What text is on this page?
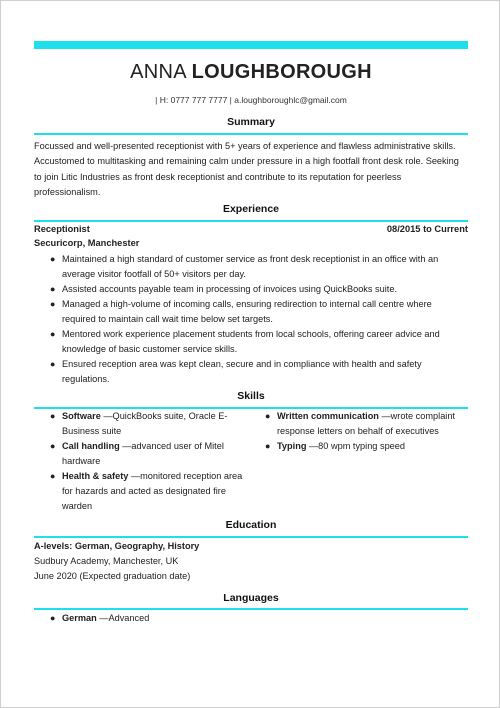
ANNA LOUGHBOROUGH
| H: 0777 777 7777 | a.loughboroughlc@gmail.com
Summary
Focussed and well-presented receptionist with 5+ years of experience and flawless administrative skills. Accustomed to multitasking and remaining calm under pressure in a high footfall front desk role. Seeking to join Litic Industries as front desk receptionist and contribute to its reputation for peerless professionalism.
Experience
Receptionist	08/2015 to Current
Securicorp, Manchester
● Maintained a high standard of customer service as front desk receptionist in an office with an average visitor footfall of 50+ visitors per day.
● Assisted accounts payable team in processing of invoices using QuickBooks suite.
● Managed a high-volume of incoming calls, ensuring redirection to internal call centre where required to maintain call wait time below set targets.
● Mentored work experience placement students from local schools, offering career advice and knowledge of basic customer service skills.
● Ensured reception area was kept clean, secure and in compliance with health and safety regulations.
Skills
● Software —QuickBooks suite, Oracle E-Business suite
● Call handling —advanced user of Mitel hardware
● Health & safety —monitored reception area for hazards and acted as designated fire warden
● Written communication —wrote complaint response letters on behalf of executives
● Typing —80 wpm typing speed
Education
A-levels: German, Geography, History
Sudbury Academy, Manchester, UK
June 2020 (Expected graduation date)
Languages
● German —Advanced
